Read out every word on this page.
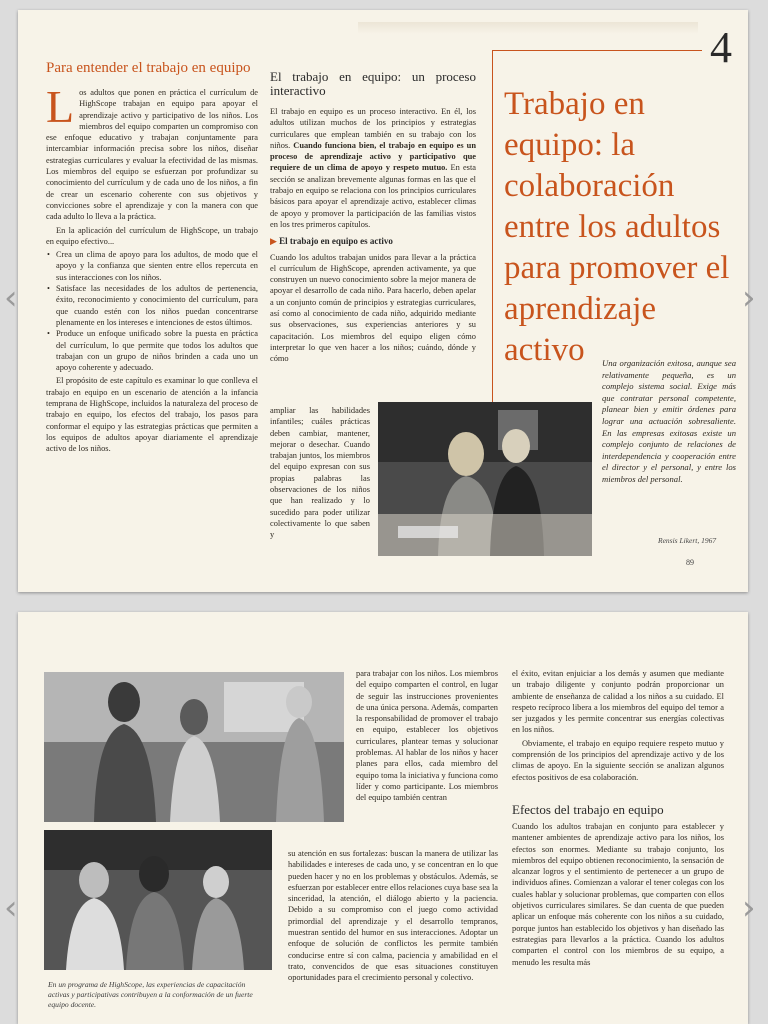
4
Para entender el trabajo en equipo

Los adultos que ponen en práctica el currículum de HighScope trabajan en equipo para apoyar el aprendizaje activo y participativo de los niños. Los miembros del equipo comparten un compromiso con ese enfoque educativo y trabajan conjuntamente para intercambiar información precisa sobre los niños, diseñar estrategias curriculares y evaluar la efectividad de las mismas. Los miembros del equipo se esfuerzan por profundizar su conocimiento del currículum y de cada uno de los niños, a fin de crear un escenario coherente con sus objetivos y convicciones sobre el aprendizaje y con la manera con que cada adulto lo lleva a la práctica.

En la aplicación del currículum de HighScope, un trabajo en equipo efectivo...

• Crea un clima de apoyo para los adultos, de modo que el apoyo y la confianza que sienten entre ellos repercuta en sus interacciones con los niños.
• Satisface las necesidades de los adultos de pertenencia, éxito, reconocimiento y conocimiento del currículum, para que cuando estén con los niños puedan concentrarse plenamente en los intereses e intenciones de estos últimos.
• Produce un enfoque unificado sobre la puesta en práctica del currículum, lo que permite que todos los adultos que trabajan con un grupo de niños brinden a cada uno un apoyo coherente y adecuado.

El propósito de este capítulo es examinar lo que conlleva el trabajo en equipo en un escenario de atención a la infancia temprana de HighScope, incluidos la naturaleza del proceso de trabajo en equipo, los efectos del trabajo, los pasos para conformar el equipo y las estrategias prácticas que permiten a los equipos de adultos apoyar diariamente el aprendizaje activo de los niños.

El trabajo en equipo: un proceso interactivo

El trabajo en equipo es un proceso interactivo. En él, los adultos utilizan muchos de los principios y estrategias curriculares que emplean también en su trabajo con los niños. Cuando funciona bien, el trabajo en equipo es un proceso de aprendizaje activo y participativo que requiere de un clima de apoyo y respeto mutuo. En esta sección se analizan brevemente algunas formas en las que el trabajo en equipo se relaciona con los principios curriculares básicos para apoyar el aprendizaje activo, establecer climas de apoyo y promover la participación de las familias vistos en los tres primeros capítulos.

▶ El trabajo en equipo es activo

Cuando los adultos trabajan unidos para llevar a la práctica el currículum de HighScope, aprenden activamente, ya que construyen un nuevo conocimiento sobre la mejor manera de apoyar el desarrollo de cada niño. Para hacerlo, deben apelar a un conjunto común de principios y estrategias curriculares, así como al conocimiento de cada niño, adquirido mediante sus observaciones, sus experiencias anteriores y su capacitación. Los miembros del equipo eligen cómo interpretar lo que ven hacer a los niños; cuándo, dónde y cómo

ampliar las habilidades infantiles; cuáles prácticas deben cambiar, mantener, mejorar o desechar. Cuando trabajan juntos, los miembros del equipo expresan con sus propias palabras las observaciones de los niños que han realizado y lo sucedido para poder utilizar colectivamente lo que saben y
Trabajo en equipo: la colaboración entre los adultos para promover el aprendizaje activo	Una organización exitosa, aunque sea relativamente pequeña, es un complejo sistema social. Exige más que contratar personal competente, planear bien y emitir órdenes para lograr una actuación sobresaliente. En las empresas exitosas existe un complejo conjunto de relaciones de interdependencia y cooperación entre el director y el personal, y entre los miembros del personal.
Rensis Likert, 1967
89
En un programa de HighScope, las experiencias de capacitación activas y participativas contribuyen a la conformación de un fuerte equipo docente.
para trabajar con los niños. Los miembros del equipo comparten el control, en lugar de seguir las instrucciones provenientes de una única persona. Además, comparten la responsabilidad de promover el trabajo en equipo, establecer los objetivos curriculares, plantear temas y solucionar problemas. Al hablar de los niños y hacer planes para ellos, cada miembro del equipo toma la iniciativa y funciona como líder y como participante. Los miembros del equipo también centran
su atención en sus fortalezas: buscan la manera de utilizar las habilidades e intereses de cada uno, y se concentran en lo que pueden hacer y no en los problemas y obstáculos. Además, se esfuerzan por establecer entre ellos relaciones cuya base sea la sinceridad, la atención, el diálogo abierto y la paciencia. Debido a su compromiso con el juego como actividad primordial del aprendizaje y el desarrollo tempranos, muestran sentido del humor en sus interacciones. Adoptar un enfoque de solución de conflictos les permite también conducirse entre sí con calma, paciencia y amabilidad en el trato, convencidos de que esas situaciones constituyen oportunidades para el crecimiento personal y colectivo.

el éxito, evitan enjuiciar a los demás y asumen que mediante un trabajo diligente y conjunto podrán proporcionar un ambiente de enseñanza de calidad a los niños a su cuidado. El respeto recíproco libera a los miembros del equipo del temor a ser juzgados y les permite concentrar sus energías colectivas en los niños.

Obviamente, el trabajo en equipo requiere respeto mutuo y comprensión de los principios del aprendizaje activo y de los climas de apoyo. En la siguiente sección se analizan algunos efectos positivos de esa colaboración.

Efectos del trabajo en equipo

Cuando los adultos trabajan en conjunto para establecer y mantener ambientes de aprendizaje activo para los niños, los efectos son enormes. Mediante su trabajo conjunto, los miembros del equipo obtienen reconocimiento, la sensación de alcanzar logros y el sentimiento de pertenecer a un grupo de individuos afines. Comienzan a valorar el tener colegas con los cuales hablar y solucionar problemas, que comparten con ellos objetivos curriculares similares. Se dan cuenta de que pueden aplicar un enfoque más coherente con los niños a su cuidado, porque juntos han establecido los objetivos y han diseñado las estrategias para llevarlos a la práctica. Cuando los adultos comparten el control con los miembros de su equipo, a menudo les resulta más

‹	›
‹	›
